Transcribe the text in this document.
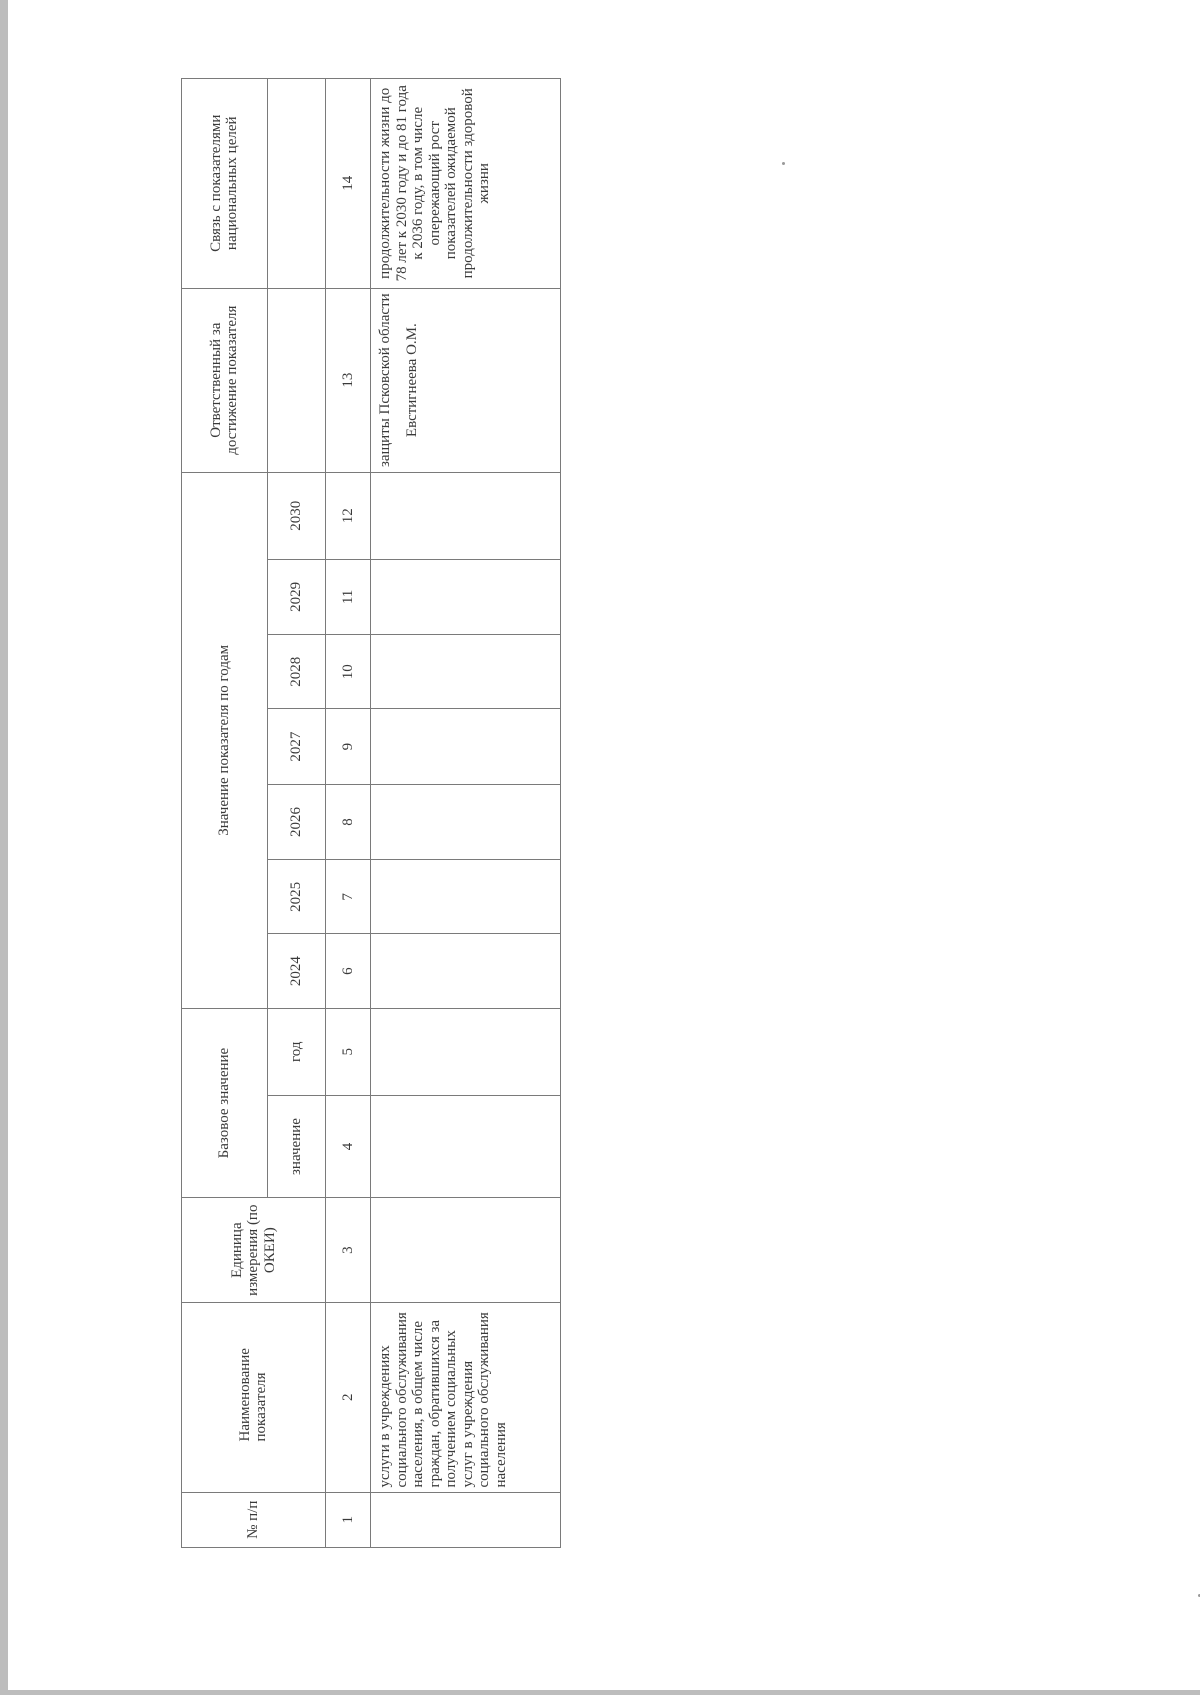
№ п/п	Наименование показателя	Единица измерения (по ОКЕИ)	Базовое значение		Значение показателя по годам							Ответственный за достижение показателя	Связь с показателями национальных целей
			значение	год	2024	2025	2026	2027	2028	2029	2030		
1	2	3	4	5	6	7	8	9	10	11	12	13	14
	услуги в учреждениях социального обслуживания населения, в общем числе граждан, обратившихся за получением социальных услуг в учреждения социального обслуживания населения											защиты Псковской области Евстигнеева О.М.	продолжительности жизни до 78 лет к 2030 году и до 81 года к 2036 году, в том числе опережающий рост показателей ожидаемой продолжительности здоровой жизни
